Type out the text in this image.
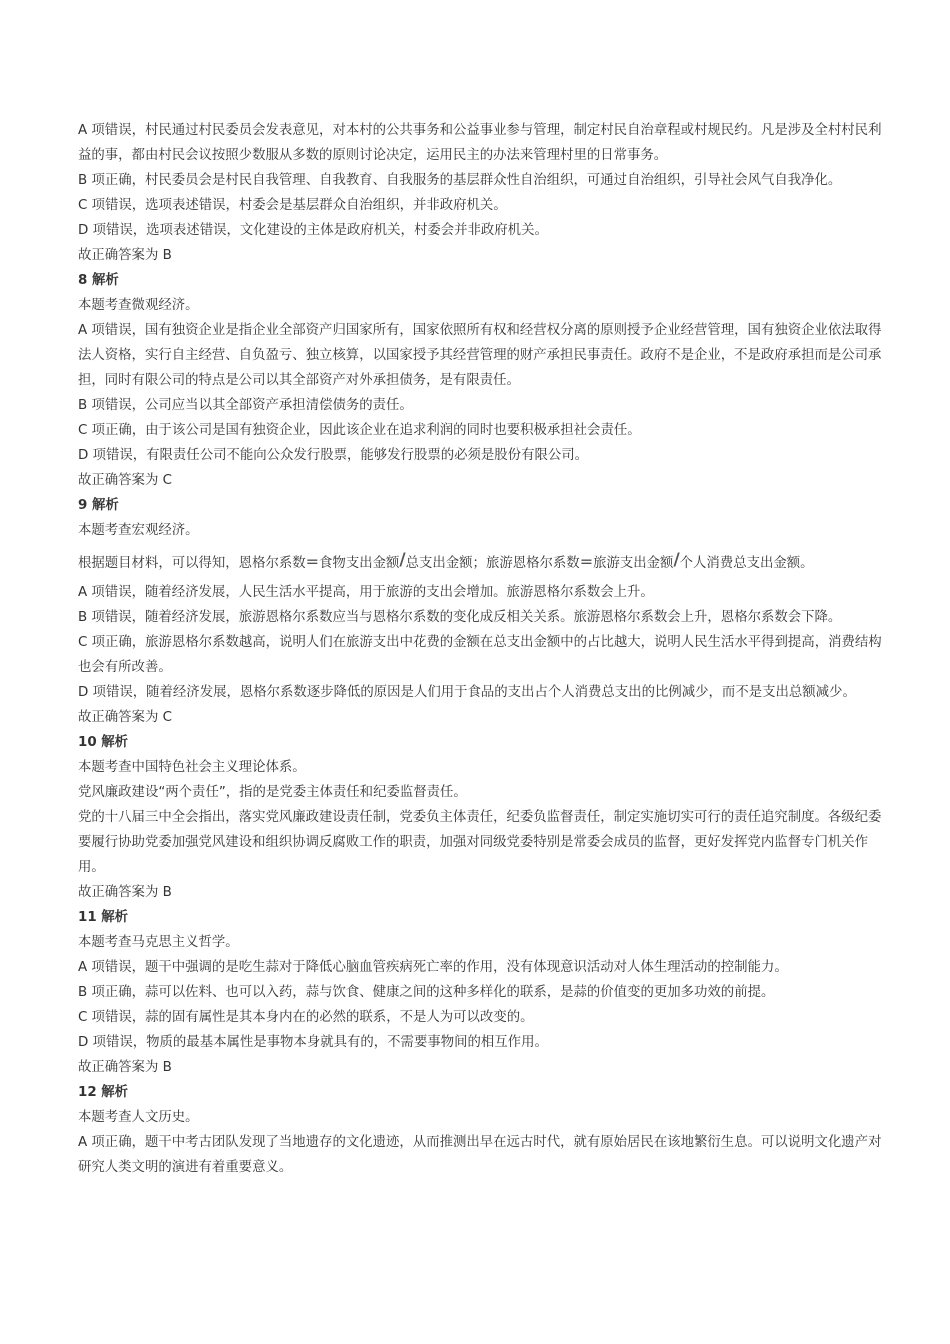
A 项错误，村民通过村民委员会发表意见，对本村的公共事务和公益事业参与管理，制定村民自治章程或村规民约。凡是涉及全村村民利益的事，都由村民会议按照少数服从多数的原则讨论决定，运用民主的办法来管理村里的日常事务。

B 项正确，村民委员会是村民自我管理、自我教育、自我服务的基层群众性自治组织，可通过自治组织，引导社会风气自我净化。

C 项错误，选项表述错误，村委会是基层群众自治组织，并非政府机关。

D 项错误，选项表述错误，文化建设的主体是政府机关，村委会并非政府机关。

故正确答案为 B

8 解析

本题考查微观经济。

A 项错误，国有独资企业是指企业全部资产归国家所有，国家依照所有权和经营权分离的原则授予企业经营管理，国有独资企业依法取得法人资格，实行自主经营、自负盈亏、独立核算，以国家授予其经营管理的财产承担民事责任。政府不是企业，不是政府承担而是公司承担，同时有限公司的特点是公司以其全部资产对外承担债务，是有限责任。

B 项错误，公司应当以其全部资产承担清偿债务的责任。

C 项正确，由于该公司是国有独资企业，因此该企业在追求利润的同时也要积极承担社会责任。

D 项错误，有限责任公司不能向公众发行股票，能够发行股票的必须是股份有限公司。

故正确答案为 C

9 解析

本题考查宏观经济。

根据题目材料，可以得知，恩格尔系数=食物支出金额/总支出金额；旅游恩格尔系数=旅游支出金额/个人消费总支出金额。

A 项错误，随着经济发展，人民生活水平提高，用于旅游的支出会增加。旅游恩格尔系数会上升。

B 项错误，随着经济发展，旅游恩格尔系数应当与恩格尔系数的变化成反相关关系。旅游恩格尔系数会上升，恩格尔系数会下降。

C 项正确，旅游恩格尔系数越高，说明人们在旅游支出中花费的金额在总支出金额中的占比越大，说明人民生活水平得到提高，消费结构也会有所改善。

D 项错误，随着经济发展，恩格尔系数逐步降低的原因是人们用于食品的支出占个人消费总支出的比例减少，而不是支出总额减少。

故正确答案为 C

10 解析

本题考查中国特色社会主义理论体系。

党风廉政建设“两个责任”，指的是党委主体责任和纪委监督责任。

党的十八届三中全会指出，落实党风廉政建设责任制，党委负主体责任，纪委负监督责任，制定实施切实可行的责任追究制度。各级纪委要履行协助党委加强党风建设和组织协调反腐败工作的职责，加强对同级党委特别是常委会成员的监督，更好发挥党内监督专门机关作用。

故正确答案为 B

11 解析

本题考查马克思主义哲学。

A 项错误，题干中强调的是吃生蒜对于降低心脑血管疾病死亡率的作用，没有体现意识活动对人体生理活动的控制能力。

B 项正确，蒜可以佐料、也可以入药，蒜与饮食、健康之间的这种多样化的联系，是蒜的价值变的更加多功效的前提。

C 项错误，蒜的固有属性是其本身内在的必然的联系，不是人为可以改变的。

D 项错误，物质的最基本属性是事物本身就具有的，不需要事物间的相互作用。

故正确答案为 B

12 解析

本题考查人文历史。

A 项正确，题干中考古团队发现了当地遗存的文化遗迹，从而推测出早在远古时代，就有原始居民在该地繁衍生息。可以说明文化遗产对研究人类文明的演进有着重要意义。
